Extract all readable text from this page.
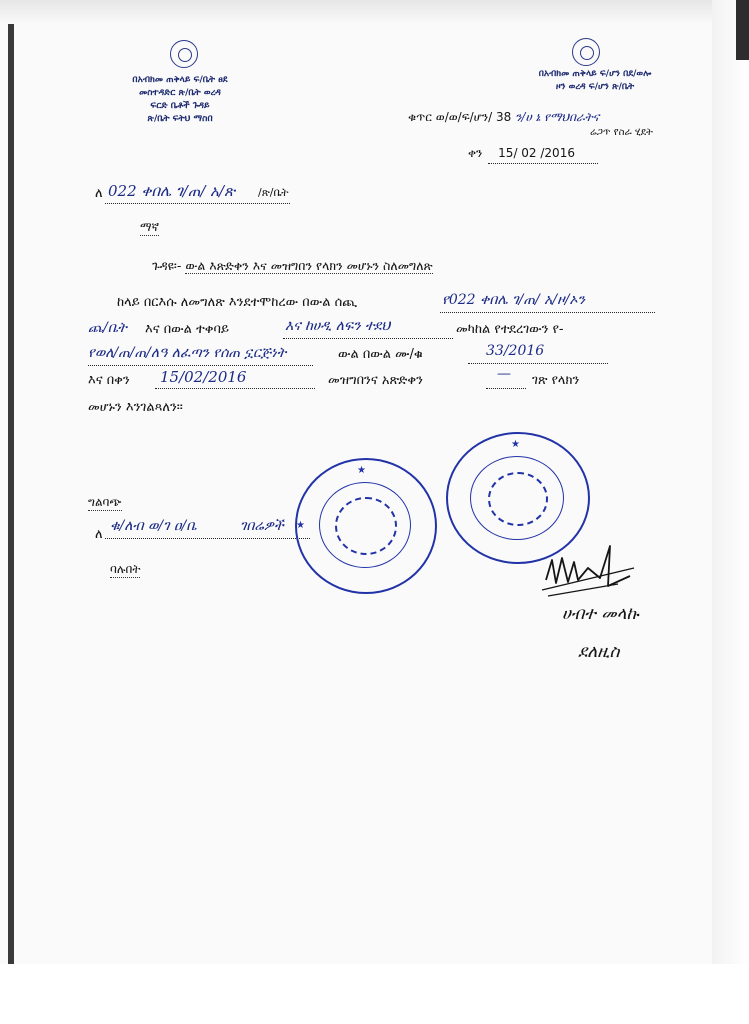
በአብክመ ጠቅላይ ፍ/ቤት ፀደ
መስተዳድር ጽ/ቤት ወረዳ
ፍርድ ቤቶች ጉዳይ
ጽ/ቤት ፍትህ ማስበ
በአብክመ ጠቅላይ ፍ/ሆን በደ/ወሎ
ዞን ወረዳ ፍ/ሆን ጽ/ቤት
ቁጥር ወ/ወ/ፍ/ሆን/ 38 ን/ሀ ኔ የማህበራትና
ሬጋጥ የስራ ሂደት
ቀን 15/ 02 /2016
ለ 022 ቀበሌ ገ/ጠ/ አ/ጽ /ጽ/ቤት
ማኛ
ጉዳዩ፡- ውል እጽድቀን እና መዝግበን የላክን መሆኑን ስለመግለጽ
ከላይ በርእሱ ለመግለጽ እንደተሞከረው በውል ሰጪ	የ022 ቀበሌ ገ/ጠ/ አ/ዞ/ኦን
ጨ/ቤት እና በውል ተቀባይ	እና ከሀዲ ለፍን ተደህ	መካከል የተደረገውን የ-
የወለ/ጠ/ጠ/ለዓ ለፈጣን የሰጠ ኗርጅነት	ውል በውል ሙ/ቁ	33/2016
እና በቀን 15/02/2016	መዝግበንና አጽድቀን	— ገጽ የላክን
መሆኑን እንገልጻለን።
ግልባጭ
ለ
ቁ/ለብ ወ/ገ ዐ/ቤ	ገበሬዎች
ባሉበት
★
★
★
ሀብተ መላኩ
ደለዚስ
